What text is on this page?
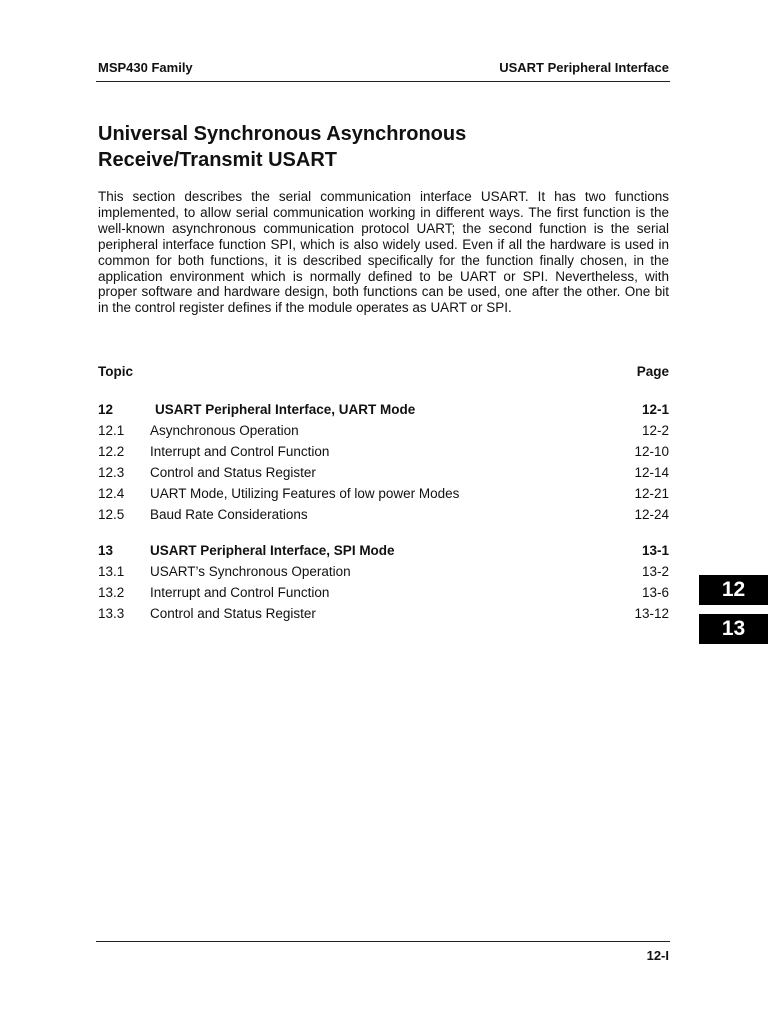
MSP430 Family	USART Peripheral Interface
Universal Synchronous Asynchronous
Receive/Transmit USART

This section describes the serial communication interface USART. It has two functions implemented, to allow serial communication working in different ways. The first function is the well-known asynchronous communication protocol UART; the second function is the serial peripheral interface function SPI, which is also widely used. Even if all the hardware is used in common for both functions, it is described specifically for the function finally chosen, in the application environment which is normally defined to be UART or SPI. Nevertheless, with proper software and hardware design, both functions can be used, one after the other. One bit in the control register defines if the module operates as UART or SPI.

Topic	Page
12	USART Peripheral Interface, UART Mode	12-1
12.1 Asynchronous Operation	12-2
12.2 Interrupt and Control Function	12-10
12.3 Control and Status Register	12-14
12.4 UART Mode, Utilizing Features of low power Modes	12-21
12.5 Baud Rate Considerations	12-24
13	USART Peripheral Interface, SPI Mode	13-1
13.1 USART’s Synchronous Operation	13-2
13.2 Interrupt and Control Function	13-6
13.3 Control and Status Register	13-12
12
13
12-I
